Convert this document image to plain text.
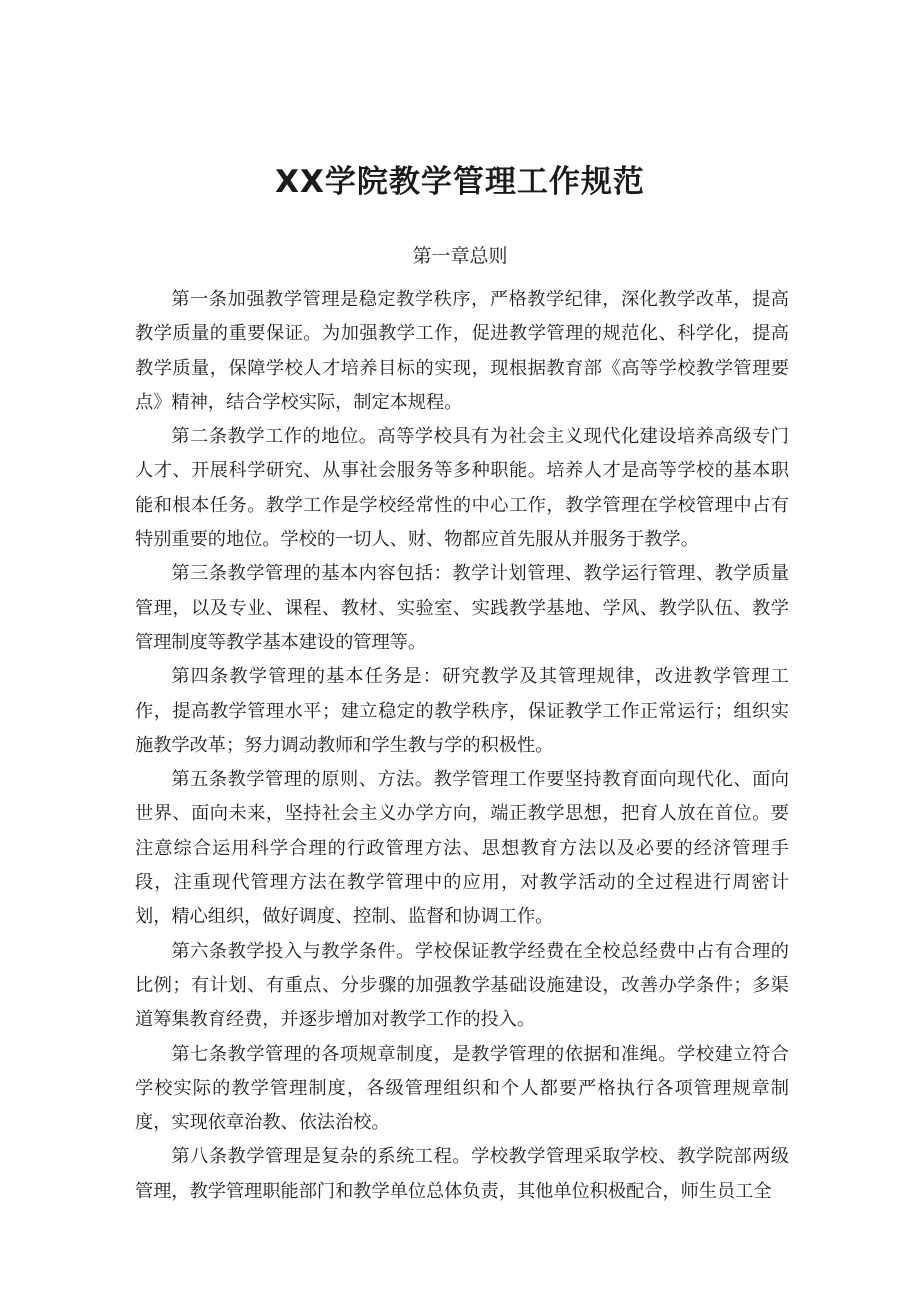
XX学院教学管理工作规范
第一章总则

第一条加强教学管理是稳定教学秩序，严格教学纪律，深化教学改革，提高教学质量的重要保证。为加强教学工作，促进教学管理的规范化、科学化，提高教学质量，保障学校人才培养目标的实现，现根据教育部《高等学校教学管理要点》精神，结合学校实际，制定本规程。

第二条教学工作的地位。高等学校具有为社会主义现代化建设培养高级专门人才、开展科学研究、从事社会服务等多种职能。培养人才是高等学校的基本职能和根本任务。教学工作是学校经常性的中心工作，教学管理在学校管理中占有特别重要的地位。学校的一切人、财、物都应首先服从并服务于教学。

第三条教学管理的基本内容包括：教学计划管理、教学运行管理、教学质量管理，以及专业、课程、教材、实验室、实践教学基地、学风、教学队伍、教学管理制度等教学基本建设的管理等。

第四条教学管理的基本任务是：研究教学及其管理规律，改进教学管理工作，提高教学管理水平；建立稳定的教学秩序，保证教学工作正常运行；组织实施教学改革；努力调动教师和学生教与学的积极性。

第五条教学管理的原则、方法。教学管理工作要坚持教育面向现代化、面向世界、面向未来，坚持社会主义办学方向，端正教学思想，把育人放在首位。要注意综合运用科学合理的行政管理方法、思想教育方法以及必要的经济管理手段，注重现代管理方法在教学管理中的应用，对教学活动的全过程进行周密计划，精心组织，做好调度、控制、监督和协调工作。

第六条教学投入与教学条件。学校保证教学经费在全校总经费中占有合理的比例；有计划、有重点、分步骤的加强教学基础设施建设，改善办学条件；多渠道筹集教育经费，并逐步增加对教学工作的投入。

第七条教学管理的各项规章制度，是教学管理的依据和准绳。学校建立符合学校实际的教学管理制度，各级管理组织和个人都要严格执行各项管理规章制度，实现依章治教、依法治校。

第八条教学管理是复杂的系统工程。学校教学管理采取学校、教学院部两级管理，教学管理职能部门和教学单位总体负责，其他单位积极配合，师生员工全
